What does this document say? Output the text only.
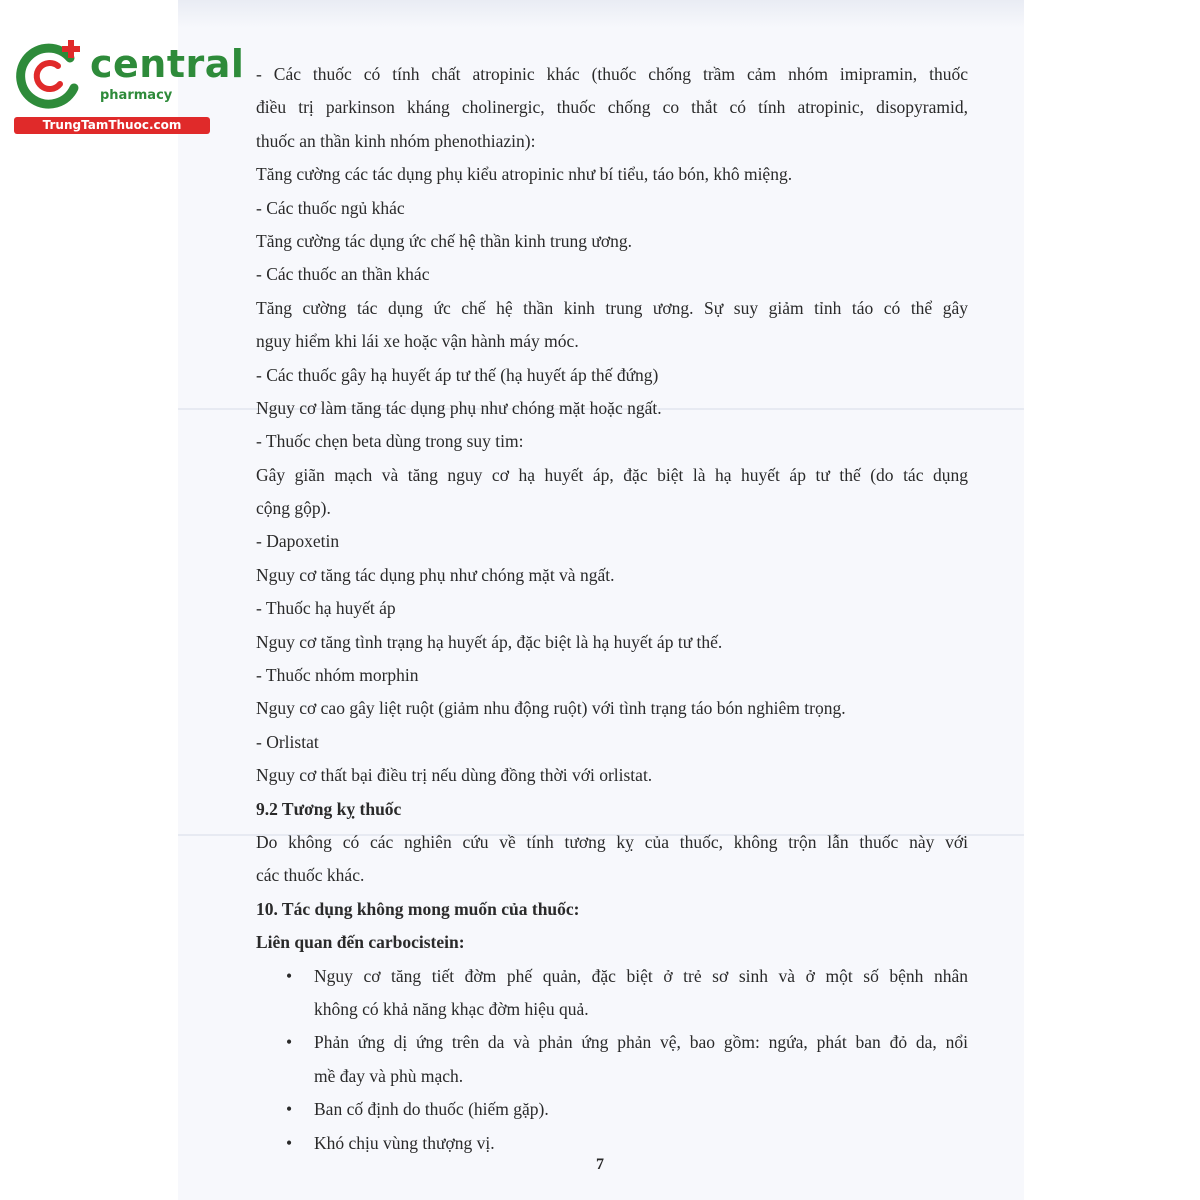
central
pharmacy
TrungTamThuoc.com
- Các thuốc có tính chất atropinic khác (thuốc chống trầm cảm nhóm imipramin, thuốc
điều trị parkinson kháng cholinergic, thuốc chống co thắt có tính atropinic, disopyramid,
thuốc an thần kinh nhóm phenothiazin):
Tăng cường các tác dụng phụ kiểu atropinic như bí tiểu, táo bón, khô miệng.
- Các thuốc ngủ khác
Tăng cường tác dụng ức chế hệ thần kinh trung ương.
- Các thuốc an thần khác
Tăng cường tác dụng ức chế hệ thần kinh trung ương. Sự suy giảm tỉnh táo có thể gây
nguy hiểm khi lái xe hoặc vận hành máy móc.
- Các thuốc gây hạ huyết áp tư thế (hạ huyết áp thế đứng)
Nguy cơ làm tăng tác dụng phụ như chóng mặt hoặc ngất.
- Thuốc chẹn beta dùng trong suy tim:
Gây giãn mạch và tăng nguy cơ hạ huyết áp, đặc biệt là hạ huyết áp tư thế (do tác dụng
cộng gộp).
- Dapoxetin
Nguy cơ tăng tác dụng phụ như chóng mặt và ngất.
- Thuốc hạ huyết áp
Nguy cơ tăng tình trạng hạ huyết áp, đặc biệt là hạ huyết áp tư thế.
- Thuốc nhóm morphin
Nguy cơ cao gây liệt ruột (giảm nhu động ruột) với tình trạng táo bón nghiêm trọng.
- Orlistat
Nguy cơ thất bại điều trị nếu dùng đồng thời với orlistat.
9.2 Tương kỵ thuốc
Do không có các nghiên cứu về tính tương kỵ của thuốc, không trộn lẫn thuốc này với
các thuốc khác.
10. Tác dụng không mong muốn của thuốc:
Liên quan đến carbocistein:
• Nguy cơ tăng tiết đờm phế quản, đặc biệt ở trẻ sơ sinh và ở một số bệnh nhân
không có khả năng khạc đờm hiệu quả.
• Phản ứng dị ứng trên da và phản ứng phản vệ, bao gồm: ngứa, phát ban đỏ da, nổi
mề đay và phù mạch.
• Ban cố định do thuốc (hiếm gặp).
• Khó chịu vùng thượng vị.
7
